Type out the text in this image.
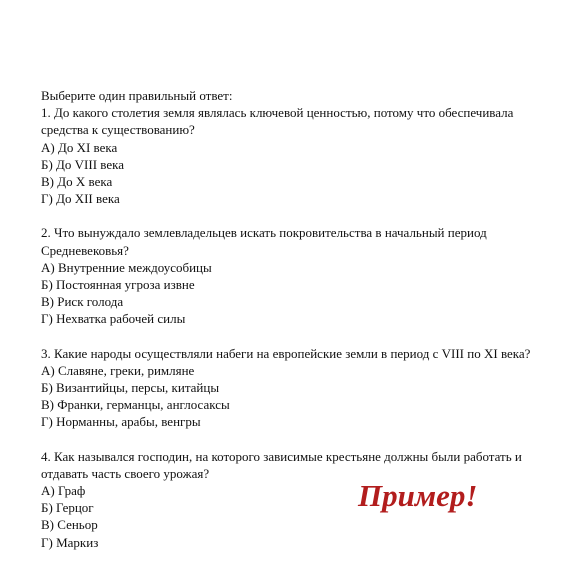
Выберите один правильный ответ:
1. До какого столетия земля являлась ключевой ценностью, потому что обеспечивала средства к существованию?
А) До XI века
Б) До VIII века
В) До X века
Г) До XII века
2. Что вынуждало землевладельцев искать покровительства в начальный период Средневековья?
А) Внутренние междоусобицы
Б) Постоянная угроза извне
В) Риск голода
Г) Нехватка рабочей силы
3. Какие народы осуществляли набеги на европейские земли в период с VIII по XI века?
А) Славяне, греки, римляне
Б) Византийцы, персы, китайцы
В) Франки, германцы, англосаксы
Г) Норманны, арабы, венгры
4. Как назывался господин, на которого зависимые крестьяне должны были работать и отдавать часть своего урожая?
А) Граф
Б) Герцог
В) Сеньор
Г) Маркиз
Пример!
